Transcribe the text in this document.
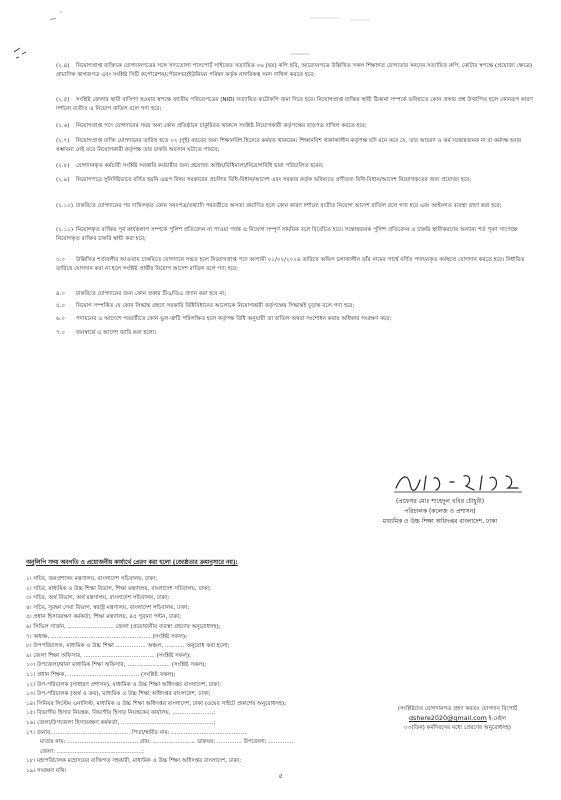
(২.৪) নিয়োগপ্রাপ্ত ব্যক্তিকে যোগদানপত্রের সঙ্গে সদ্যতোলা পাসপোর্ট সাইজের সত্যায়িত ০৬ (ছয়) কপি ছবি, আবেদনপত্রে উল্লিখিত সকল শিক্ষাগত যোগ্যতার সনদের সত্যায়িত কপি, কোটার স্বপক্ষে (প্রযোজ্য ক্ষেত্রে) প্রামাণিক কাগজপত্র এবং সংশ্লিষ্ট সিটি কর্পোরেশন/পৌরসভা/ইউনিয়ন পরিষদ কর্তৃক নাগরিকত্ব সনদ দাখিল করতে হবে;
(২.৫) সংশ্লিষ্ট জেলার স্থায়ী বাসিন্দা হওয়ার স্বপক্ষে জাতীয় পরিচয়পত্রের (NID) সত্যায়িত ফটোকপি জমা দিতে হবে। নিয়োগপ্রাপ্ত ব্যক্তির স্থায়ী ঠিকানা সম্পর্কে ভবিষ্যতে কোন প্রকার প্রশ্ন উত্থাপিত হলে কোনরূপ কারণ দর্শানো ব্যতীত এ নিয়োগ বাতিল বলে গণ্য হবে;
(২.৬) নিয়োগপ্রাপ্ত পদে যোগদানের সময় অন্য কোন প্রতিষ্ঠানে চাকুরিরত থাকলে সংশ্লিষ্ট নিয়োগকারী কর্তৃপক্ষের ছাড়পত্র দাখিল করতে হবে;
(২.৭) নিয়োগপ্রাপ্ত ব্যক্তি যোগদানের তারিখ হতে ০২ (দুই) বছরের জন্য শিক্ষানবিশ হিসেবে কর্মরত থাকবেন। শিক্ষানবিশ থাকাকালীন কর্তৃপক্ষ যদি মনে করে যে, তার আচরণ ও কর্ম সন্তোষজনক না বা কর্মদক্ষ হবার সম্ভাবনা নেই তবে নিয়োগকারী কর্তৃপক্ষ তার চাকরি অবসান ঘটাতে পারবে;
(২.৮) যোগদানকৃত কর্মচারী সংশ্লিষ্ট সরকারি কর্মচারীর জন্য প্রযোজ্য আইন/বিধিমালা/নিয়োগবিধি দ্বারা পরিচালিত হবেন;
(২.৯) নিয়োগপত্রে সুনির্দিষ্টভাবে বর্ণিত হয়নি এরূপ বিষয় সরকারের প্রচলিত বিধি-বিধান/আদেশ এবং সরকার কর্তৃক ভবিষ্যতে প্রণীতব্য বিধি-বিধান/আদেশ নিয়োগকৃতের জন্য প্রযোজ্য হবে;
(২.১০) চাকরিতে যোগদানের পর দাখিলকৃত কোন সনদপত্র/তথ্যাদি পরবর্তীতে অসত্য প্রমাণিত হলে কোন কারণ দর্শানো ব্যতীত নিয়োগ আদেশ বাতিল বলে গণ্য হবে এবং আইনগত ব্যবস্থা গ্রহণ করা হবে;
(২.১১) নিয়োগকৃত ব্যক্তির পূর্ব কার্যকলাপ সম্পর্কে পুলিশ প্রতিবেদন না পাওয়া পর্যন্ত এ নিয়োগ সম্পূর্ণ সাময়িক বলে বিবেচিত হবে। সন্তোষজনক পুলিশ প্রতিবেদন ও চাকরি স্থায়ীকরণের অন্যান্য শর্ত পূরণ সাপেক্ষে নিয়োগকৃত ব্যক্তির চাকরি স্থায়ী করা হবে;
৩.০ উল্লিখিত শর্তাবলীর আওতায় চাকরিতে যোগদানে সম্মত হলে নিয়োগপ্রাপ্ত পদে আগামী ০১/০২/২০২৪ তারিখে অফিস চলাকালীন তাঁর নামের পার্শ্বে বর্ণিত পদায়নকৃত কর্মস্থলে যোগদান করতে হবে। নির্ধারিত তারিখে যোগদান করা না হলে সংশ্লিষ্ট প্রার্থীর নিয়োগ আদেশ বাতিল বলে গণ্য হবে;
৪.০ চাকরিতে যোগদানের জন্য কোন প্রকার টিএ/ডিএ প্রদান করা হবে না;
৫.০ নিয়োগ সম্পর্কিত যে কোন সিদ্ধান্ত গ্রহণে সরকারি বিধিবিধানের আলোকে নিয়োগকারী কর্তৃপক্ষের সিদ্ধান্তই চূড়ান্ত বলে গণ্য হবে;
৬.০ পদায়নের এ আদেশে পরবর্তীতে কোন ভুল-ত্রুটি পরিলক্ষিত হলে কর্তৃপক্ষ বিধি অনুযায়ী তা বাতিল অথবা সংশোধন করার অধিকার সংরক্ষণ করে;
৭.০ জনস্বার্থে এ আদেশ জারি করা হলো।
(প্রফেসর মোঃ শাহেদুল খবির চৌধুরী)
পরিচালক (কলেজ ও প্রশাসন)
মাধ্যমিক ও উচ্চ শিক্ষা অধিদপ্তর বাংলাদেশ, ঢাকা
অনুলিপি সদয় অবগতি ও প্রয়োজনীয় কার্যার্থে প্রেরণ করা হলো (জ্যেষ্ঠতার ক্রমানুসারে নয়):
১। সচিব, জনপ্রশাসন মন্ত্রণালয়, বাংলাদেশ সচিবালয়, ঢাকা;
২। সচিব, মাধ্যমিক ও উচ্চ শিক্ষা বিভাগ, শিক্ষা মন্ত্রণালয়, বাংলাদেশ সচিবালয়, ঢাকা;
৩। সচিব, অর্থ বিভাগ, অর্থ মন্ত্রণালয়, বাংলাদেশ সচিবালয়, ঢাকা;
৪। সচিব, সুরক্ষা সেবা বিভাগ, স্বরাষ্ট্র মন্ত্রণালয়, বাংলাদেশ সচিবালয়, ঢাকা;
৫। প্রধান হিসাবরক্ষণ কর্মকর্তা, শিক্ষা মন্ত্রণালয়, ৪৫ পুরানা পল্টন, ঢাকা;
৬। সিভিল সার্জন, .......................... জেলা (প্রয়োজনীয় ব্যবস্থা গ্রহণের অনুরোধসহ);
৭। অধ্যক্ষ, ........................................................ (সংশ্লিষ্ট সকল);
৮। উপপরিচালক, মাধ্যমিক ও উচ্চ শিক্ষা ................. অঞ্চল, ........... অনুরোধ করা হলো;
৯। জেলা শিক্ষা অফিসার, ........................................ (সংশ্লিষ্ট সকল);
১০। উপজেলা/থানা মাধ্যমিক শিক্ষা অফিসার, ........................ (সংশ্লিষ্ট সকল);
১১। প্রধান শিক্ষক, ........................................ (সংশ্লিষ্ট সকল);
১২। উপ-পরিচালক (সাধারণ প্রশাসন), মাধ্যমিক ও উচ্চ শিক্ষা অধিদপ্তর বাংলাদেশ, ঢাকা;
১৩। উপ-পরিচালক (অর্থ ও ক্রয়), মাধ্যমিক ও উচ্চ শিক্ষা অধিদপ্তর বাংলাদেশ, ঢাকা;
১৪। সিনিয়র সিস্টেম এনালিস্ট, মাধ্যমিক ও উচ্চ শিক্ষা অধিদপ্তর বাংলাদেশ, ঢাকা (ওয়েব সাইটে প্রকাশের অনুরোধসহ);
১৫। বিভাগীয় হিসাব নিয়ন্ত্রক, বিভাগীয় হিসাব নিয়ন্ত্রকের কার্যালয়, .......................;
১৬। জেলা/উপজেলা হিসাবরক্ষণ কর্মকর্তা, ....................................................;
১৭। জনাব, ........................................... পিতা/স্বামীর নাম: ...........................................
মাতার নাম: ........................................ গ্রাম: ........................ ডাকঘর: .............. উপজেলা: ..............
জেলা: ................................................;
১৮। মহাপরিচালক মহোদয়ের ব্যক্তিগত সহকারী, মাধ্যমিক ও উচ্চ শিক্ষা অধিদপ্তর বাংলাদেশ, ঢাকা;
১৯। সংরক্ষণ নথি।
(সংশ্লিষ্টদের যোগদানপত্র গ্রহণ করতঃ যোগদান রিপোর্ট
dshere2020@gmail.com ই-মেইল
০৩(তিন) কর্মদিবসের মধ্যে প্রেরণের অনুরোধসহ)
৫
